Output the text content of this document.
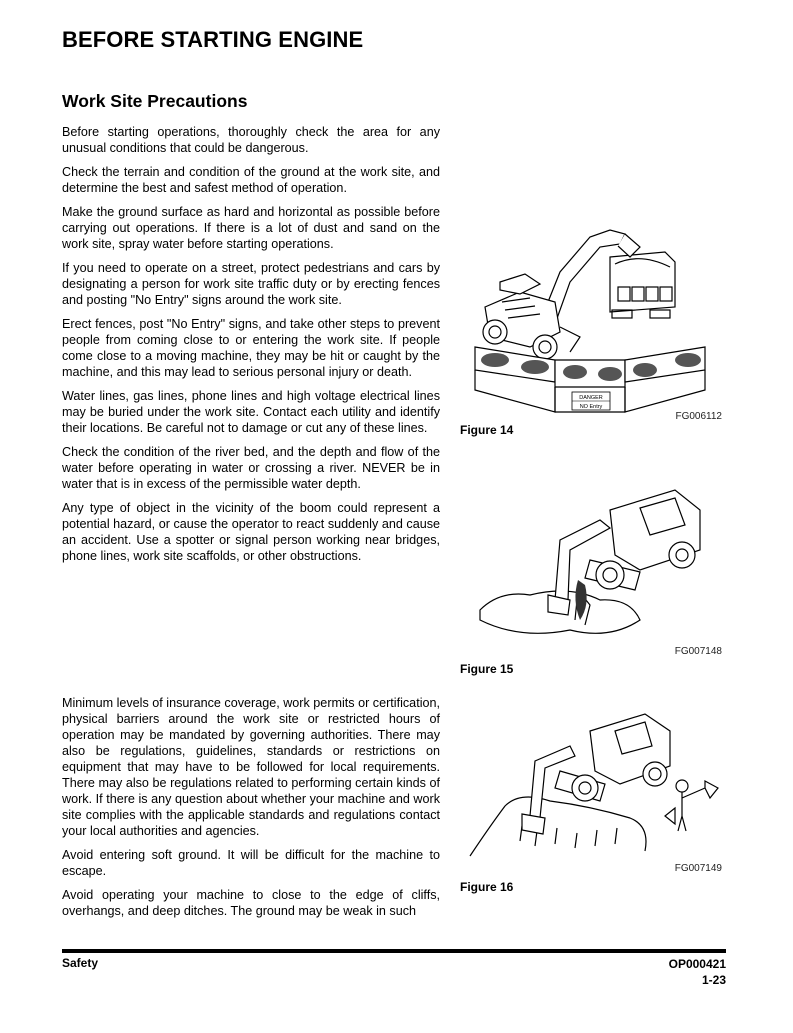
BEFORE STARTING ENGINE
Work Site Precautions

Before starting operations, thoroughly check the area for any unusual conditions that could be dangerous.

Check the terrain and condition of the ground at the work site, and determine the best and safest method of operation.

Make the ground surface as hard and horizontal as possible before carrying out operations. If there is a lot of dust and sand on the work site, spray water before starting operations.

If you need to operate on a street, protect pedestrians and cars by designating a person for work site traffic duty or by erecting fences and posting "No Entry" signs around the work site.

Erect fences, post "No Entry" signs, and take other steps to prevent people from coming close to or entering the work site. If people come close to a moving machine, they may be hit or caught by the machine, and this may lead to serious personal injury or death.

Water lines, gas lines, phone lines and high voltage electrical lines may be buried under the work site. Contact each utility and identify their locations. Be careful not to damage or cut any of these lines.

Check the condition of the river bed, and the depth and flow of the water before operating in water or crossing a river. NEVER be in water that is in excess of the permissible water depth.

Any type of object in the vicinity of the boom could represent a potential hazard, or cause the operator to react suddenly and cause an accident. Use a spotter or signal person working near bridges, phone lines, work site scaffolds, or other obstructions.

Minimum levels of insurance coverage, work permits or certification, physical barriers around the work site or restricted hours of operation may be mandated by governing authorities. There may also be regulations, guidelines, standards or restrictions on equipment that may have to be followed for local requirements. There may also be regulations related to performing certain kinds of work. If there is any question about whether your machine and work site complies with the applicable standards and regulations contact your local authorities and agencies.

Avoid entering soft ground. It will be difficult for the machine to escape.

Avoid operating your machine to close to the edge of cliffs, overhangs, and deep ditches. The ground may be weak in such

DANGER
NO Entry
FG006112
Figure 14
FG007148
Figure 15
FG007149
Figure 16
Safety	OP000421
1-23
